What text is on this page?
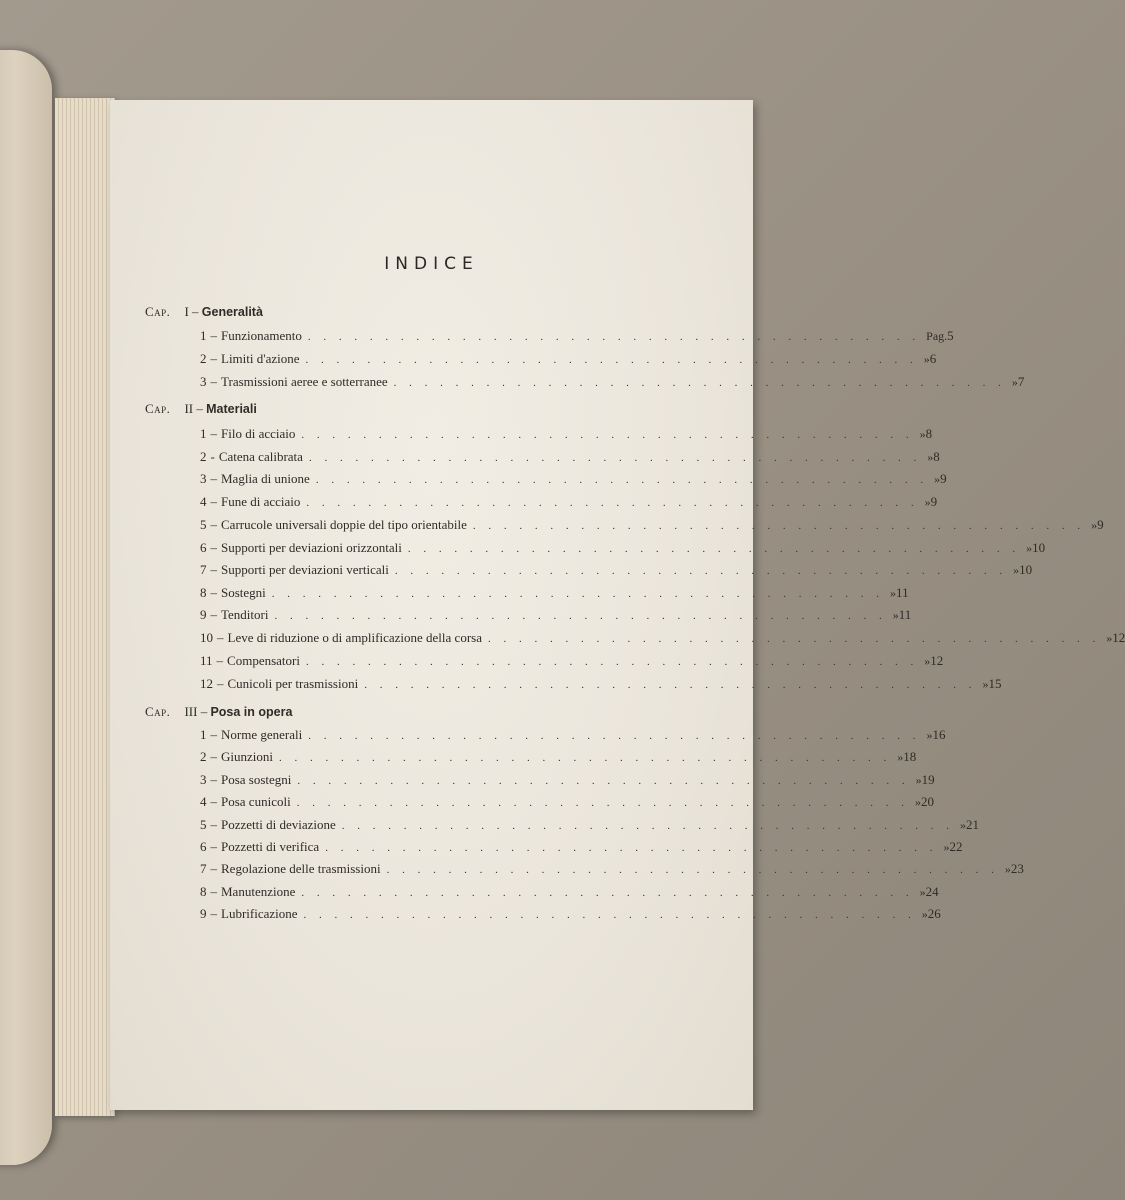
INDICE
Cap. I – Generalità
1 – Funzionamento . . . . . . . . . . . . . . . . . . . . . . . . . . . . . . . . . . . . . . . . Pag. 5
2 – Limiti d'azione . . . . . . . . . . . . . . . . . . . . . . . . . . . . . . . . . . . . . . . . » 6
3 – Trasmissioni aeree e sotterranee . . . . . . . . . . . . . . . . . . . . . . . . . . . . . . . . . . . . . . . . » 7
Cap. II – Materiali
1 – Filo di acciaio . . . . . . . . . . . . . . . . . . . . . . . . . . . . . . . . . . . . . . . . » 8
2 - Catena calibrata . . . . . . . . . . . . . . . . . . . . . . . . . . . . . . . . . . . . . . . . » 8
3 – Maglia di unione . . . . . . . . . . . . . . . . . . . . . . . . . . . . . . . . . . . . . . . . » 9
4 – Fune di acciaio . . . . . . . . . . . . . . . . . . . . . . . . . . . . . . . . . . . . . . . . » 9
5 – Carrucole universali doppie del tipo orientabile . . . . . . . . . . . . . . . . . . . . . . . . . . . . . . . . . . . . . . . . » 9
6 – Supporti per deviazioni orizzontali . . . . . . . . . . . . . . . . . . . . . . . . . . . . . . . . . . . . . . . . » 10
7 – Supporti per deviazioni verticali . . . . . . . . . . . . . . . . . . . . . . . . . . . . . . . . . . . . . . . . » 10
8 – Sostegni . . . . . . . . . . . . . . . . . . . . . . . . . . . . . . . . . . . . . . . . » 11
9 – Tenditori . . . . . . . . . . . . . . . . . . . . . . . . . . . . . . . . . . . . . . . . » 11
10 – Leve di riduzione o di amplificazione della corsa . . . . . . . . . . . . . . . . . . . . . . . . . . . . . . . . . . . . . . . . » 12
11 – Compensatori . . . . . . . . . . . . . . . . . . . . . . . . . . . . . . . . . . . . . . . . » 12
12 – Cunicoli per trasmissioni . . . . . . . . . . . . . . . . . . . . . . . . . . . . . . . . . . . . . . . . » 15
Cap. III – Posa in opera
1 – Norme generali . . . . . . . . . . . . . . . . . . . . . . . . . . . . . . . . . . . . . . . . » 16
2 – Giunzioni . . . . . . . . . . . . . . . . . . . . . . . . . . . . . . . . . . . . . . . . » 18
3 – Posa sostegni . . . . . . . . . . . . . . . . . . . . . . . . . . . . . . . . . . . . . . . . » 19
4 – Posa cunicoli . . . . . . . . . . . . . . . . . . . . . . . . . . . . . . . . . . . . . . . . » 20
5 – Pozzetti di deviazione . . . . . . . . . . . . . . . . . . . . . . . . . . . . . . . . . . . . . . . . » 21
6 – Pozzetti di verifica . . . . . . . . . . . . . . . . . . . . . . . . . . . . . . . . . . . . . . . . » 22
7 – Regolazione delle trasmissioni . . . . . . . . . . . . . . . . . . . . . . . . . . . . . . . . . . . . . . . . » 23
8 – Manutenzione . . . . . . . . . . . . . . . . . . . . . . . . . . . . . . . . . . . . . . . . » 24
9 – Lubrificazione . . . . . . . . . . . . . . . . . . . . . . . . . . . . . . . . . . . . . . . . » 26
